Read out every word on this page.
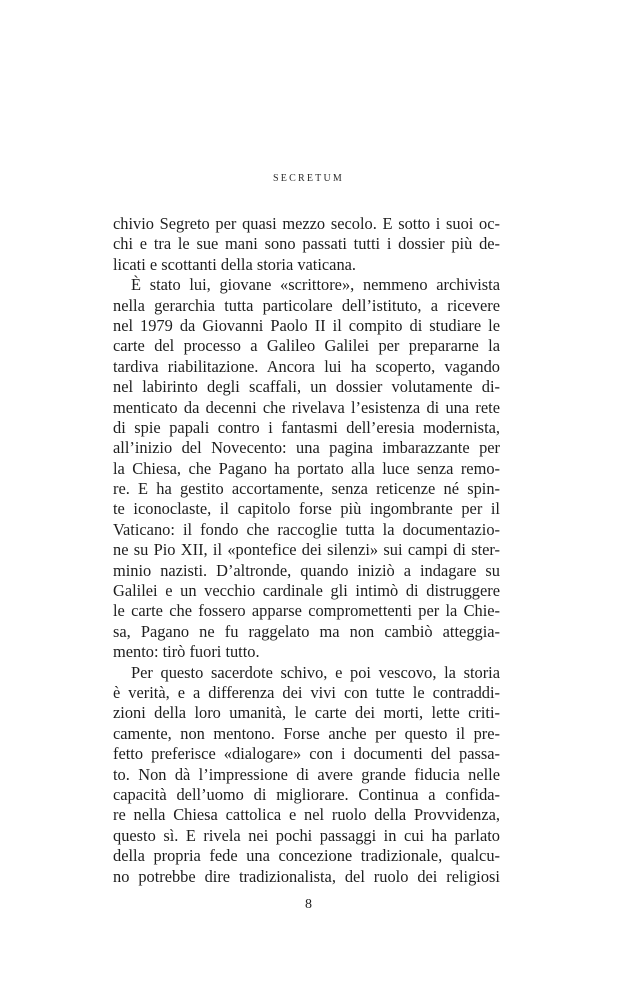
SECRETUM
chivio Segreto per quasi mezzo secolo. E sotto i suoi oc-
chi e tra le sue mani sono passati tutti i dossier più de-
licati e scottanti della storia vaticana.
È stato lui, giovane «scrittore», nemmeno archivista
nella gerarchia tutta particolare dell’istituto, a ricevere
nel 1979 da Giovanni Paolo II il compito di studiare le
carte del processo a Galileo Galilei per prepararne la
tardiva riabilitazione. Ancora lui ha scoperto, vagando
nel labirinto degli scaffali, un dossier volutamente di-
menticato da decenni che rivelava l’esistenza di una rete
di spie papali contro i fantasmi dell’eresia modernista,
all’inizio del Novecento: una pagina imbarazzante per
la Chiesa, che Pagano ha portato alla luce senza remo-
re. E ha gestito accortamente, senza reticenze né spin-
te iconoclaste, il capitolo forse più ingombrante per il
Vaticano: il fondo che raccoglie tutta la documentazio-
ne su Pio XII, il «pontefice dei silenzi» sui campi di ster-
minio nazisti. D’altronde, quando iniziò a indagare su
Galilei e un vecchio cardinale gli intimò di distruggere
le carte che fossero apparse compromettenti per la Chie-
sa, Pagano ne fu raggelato ma non cambiò atteggia-
mento: tirò fuori tutto.
Per questo sacerdote schivo, e poi vescovo, la storia
è verità, e a differenza dei vivi con tutte le contraddi-
zioni della loro umanità, le carte dei morti, lette criti-
camente, non mentono. Forse anche per questo il pre-
fetto preferisce «dialogare» con i documenti del passa-
to. Non dà l’impressione di avere grande fiducia nelle
capacità dell’uomo di migliorare. Continua a confida-
re nella Chiesa cattolica e nel ruolo della Provvidenza,
questo sì. E rivela nei pochi passaggi in cui ha parlato
della propria fede una concezione tradizionale, qualcu-
no potrebbe dire tradizionalista, del ruolo dei religiosi
8
